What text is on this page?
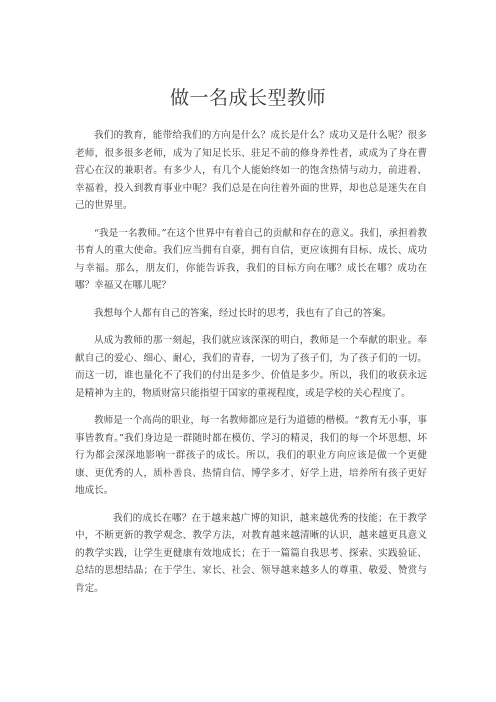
做一名成长型教师

我们的教育，能带给我们的方向是什么？成长是什么？成功又是什么呢？很多老师，很多很多老师，成为了知足长乐、驻足不前的修身养性者，或成为了身在曹营心在汉的兼职者。有多少人，有几个人能始终如一的饱含热情与动力，前进着、幸福着，投入到教育事业中呢？我们总是在向往着外面的世界，却也总是迷失在自己的世界里。

“我是一名教师。”在这个世界中有着自己的贡献和存在的意义。我们，承担着教书育人的重大使命。我们应当拥有自豪，拥有自信，更应该拥有目标、成长、成功与幸福。那么，朋友们，你能告诉我，我们的目标方向在哪？成长在哪？成功在哪？幸福又在哪儿呢？

我想每个人都有自己的答案，经过长时的思考，我也有了自己的答案。

从成为教师的那一刻起，我们就应该深深的明白，教师是一个奉献的职业。奉献自己的爱心、细心、耐心，我们的青春，一切为了孩子们，为了孩子们的一切。而这一切，谁也量化不了我们的付出是多少、价值是多少。所以，我们的收获永远是精神为主的，物质财富只能指望于国家的重视程度，或是学校的关心程度了。

教师是一个高尚的职业，每一名教师都应是行为道德的楷模。“教育无小事，事事皆教育。”我们身边是一群随时都在模仿、学习的精灵，我们的每一个坏思想、坏行为都会深深地影响一群孩子的成长。所以，我们的职业方向应该是做一个更健康、更优秀的人，质朴善良、热情自信、博学多才、好学上进，培养所有孩子更好地成长。

我们的成长在哪？在于越来越广博的知识，越来越优秀的技能；在于教学中，不断更新的教学观念、教学方法，对教育越来越清晰的认识，越来越更具意义的教学实践，让学生更健康有效地成长；在于一篇篇自我思考、探索、实践验证、总结的思想结晶；在于学生、家长、社会、领导越来越多人的尊重、敬爱、赞赏与肯定。
